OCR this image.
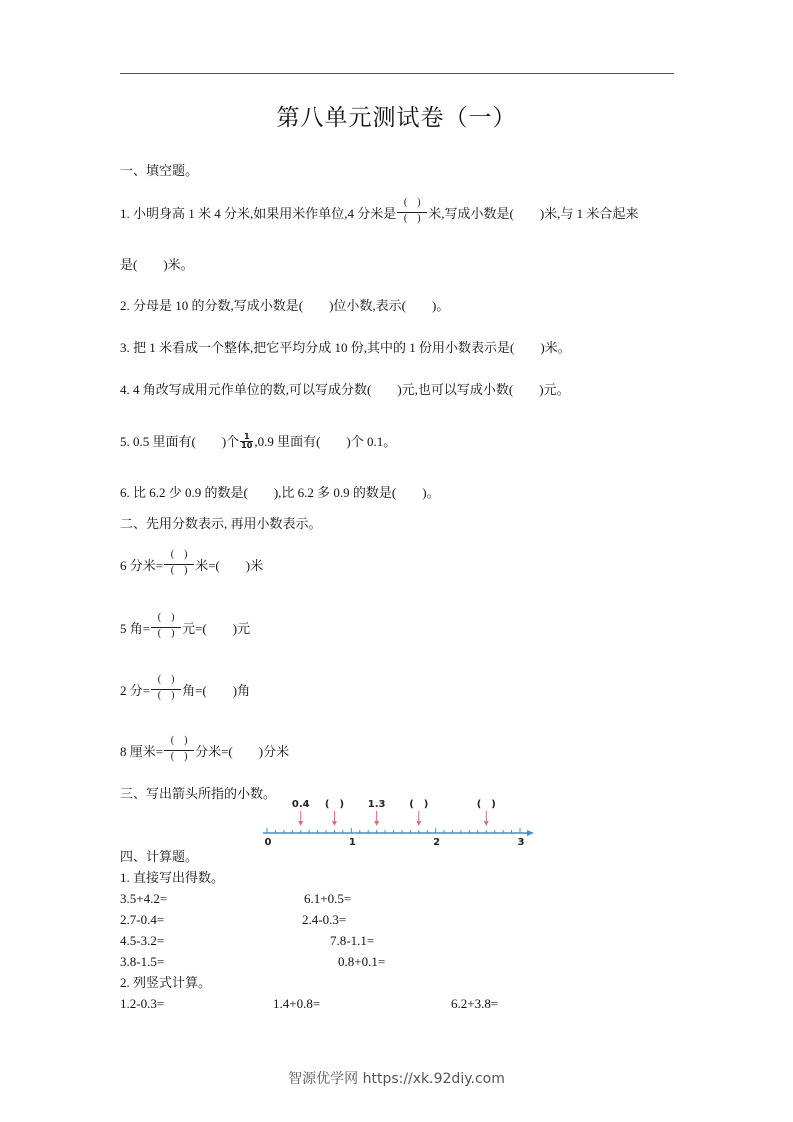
第八单元测试卷（一）
一、填空题。
1. 小明身高 1 米 4 分米,如果用米作单位,4 分米是 $\frac{( )}{( )}$ 米,写成小数是(　　)米,与 1 米合起来
是(　　)米。
2. 分母是 10 的分数,写成小数是(　　)位小数,表示(　　)。
3. 把 1 米看成一个整体,把它平均分成 10 份,其中的 1 份用小数表示是(　　)米。
4. 4 角改写成用元作单位的数,可以写成分数(　　)元,也可以写成小数(　　)元。
5. 0.5 里面有(　　)个 $\frac{1}{10} ,0.9$ 里面有(　　)个 0.1。
6. 比 6.2 少 0.9 的数是(　　),比 6.2 多 0.9 的数是(　　)。
二、先用分数表示, 再用小数表示。
6 分米= $\frac{( )}{( )}$ 米=(　　)米
5 角= $\frac{( )}{( )}$ 元=(　　)元
2 分= $\frac{( )}{( )}$ 角=(　　)角
8 厘米= $\frac{( )}{( )}$ 分米=(　　)分米
三、写出箭头所指的小数。
0	1	2	3
0.4 (　) 1.3 (　)	(　)
四、计算题。
1. 直接写出得数。
3.5+4.2=	6.1+0.5=
2.7-0.4=	2.4-0.3=
4.5-3.2=	7.8-1.1=
3.8-1.5=	0.8+0.1=
2. 列竖式计算。
1.2-0.3=	1.4+0.8=	6.2+3.8=
智源优学网 https://xk.92diy.com
